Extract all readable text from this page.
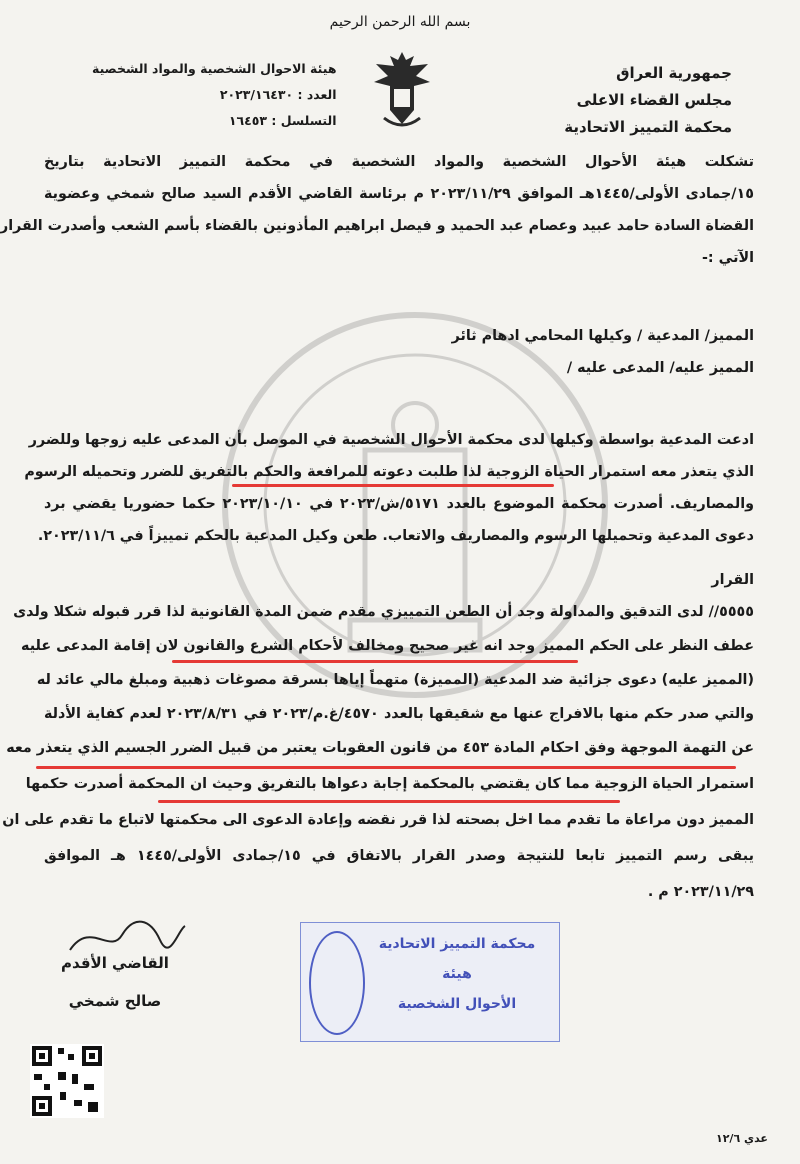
بسم الله الرحمن الرحيم
جمهورية العراق
مجلس القضاء الاعلى
محكمة التمييز الاتحادية
هيئة الاحوال الشخصية والمواد الشخصية
العدد : ٢٠٢٣/١٦٤٣٠
التسلسل : ١٦٤٥٣
تشكلت هيئة الأحوال الشخصية والمواد الشخصية في محكمة التمييز الاتحادية بتاريخ
١٥/جمادى الأولى/١٤٤٥هـ الموافق ٢٠٢٣/١١/٢٩ م برئاسة القاضي الأقدم السيد صالح شمخي وعضوية
القضاة السادة حامد عبيد وعصام عبد الحميد و فيصل ابراهيم المأذونين بالقضاء بأسم الشعب وأصدرت القرار
الآتي :-
المميز/ المدعية / وكيلها المحامي ادهام ثائر
المميز عليه/ المدعى عليه /
ادعت المدعية بواسطة وكيلها لدى محكمة الأحوال الشخصية في الموصل بأن المدعى عليه زوجها وللضرر
الذي يتعذر معه استمرار الحياة الزوجية لذا طلبت دعوته للمرافعة والحكم بالتفريق للضرر وتحميله الرسوم
والمصاريف. أصدرت محكمة الموضوع بالعدد ٥١٧١/ش/٢٠٢٣ في ٢٠٢٣/١٠/١٠ حكما حضوريا يقضي برد
دعوى المدعية وتحميلها الرسوم والمصاريف والاتعاب. طعن وكيل المدعية بالحكم تمييزاً في ٢٠٢٣/١١/٦.
القرار
٥٥٥٥// لدى التدقيق والمداولة وجد أن الطعن التمييزي مقدم ضمن المدة القانونية لذا قرر قبوله شكلا ولدى
عطف النظر على الحكم المميز وجد انه غير صحيح ومخالف لأحكام الشرع والقانون لان إقامة المدعى عليه
(المميز عليه) دعوى جزائية ضد المدعية (المميزة) متهماً إياها بسرقة مصوغات ذهبية ومبلغ مالي عائد له
والتي صدر حكم منها بالافراج عنها مع شقيقها بالعدد ٤٥٧٠/غ.م/٢٠٢٣ في ٢٠٢٣/٨/٣١ لعدم كفاية الأدلة
عن التهمة الموجهة وفق احكام المادة ٤٥٣ من قانون العقوبات يعتبر من قبيل الضرر الجسيم الذي يتعذر معه
استمرار الحياة الزوجية مما كان يقتضي بالمحكمة إجابة دعواها بالتفريق وحيث ان المحكمة أصدرت حكمها
المميز دون مراعاة ما تقدم مما اخل بصحته لذا قرر نقضه وإعادة الدعوى الى محكمتها لاتباع ما تقدم على ان
يبقى رسم التمييز تابعا للنتيجة وصدر القرار بالاتفاق في ١٥/جمادى الأولى/١٤٤٥ هـ الموافق
٢٠٢٣/١١/٢٩ م .
القاضي الأقدم
صالح شمخي
محكمة التمييز الاتحادية
هيئة
الأحوال الشخصية
عدي ١٢/٦
